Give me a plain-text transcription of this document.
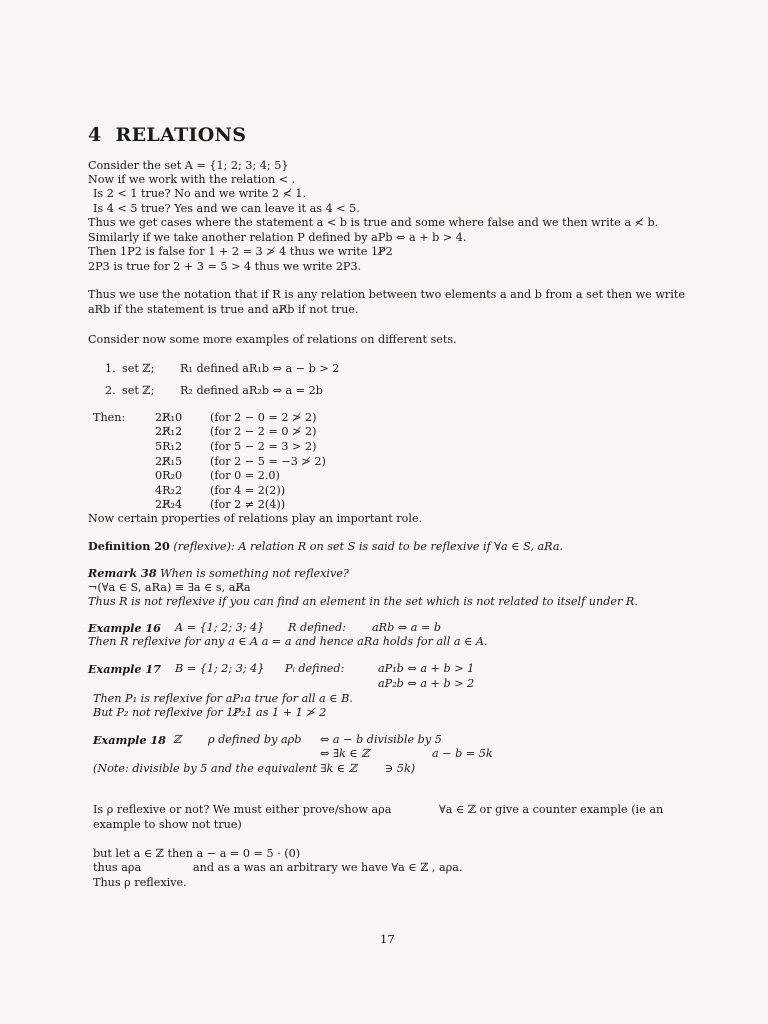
4 RELATIONS
Consider the set A = {1; 2; 3; 4; 5}
Now if we work with the relation < .
Is 2 < 1 true? No and we write 2 ≮ 1.
Is 4 < 5 true? Yes and we can leave it as 4 < 5.
Thus we get cases where the statement a < b is true and some where false and we then write a ≮ b.
Similarly if we take another relation P defined by aPb ⇔ a + b > 4.
Then 1P2 is false for 1 + 2 = 3 ≯ 4 thus we write 1P̸2
2P3 is true for 2 + 3 = 5 > 4 thus we write 2P3.
Thus we use the notation that if R is any relation between two elements a and b from a set then we write
aRb if the statement is true and aR̸b if not true.
Consider now some more examples of relations on different sets.
1. set ℤ; R₁ defined aR₁b ⇔ a − b > 2
2. set ℤ; R₂ defined aR₂b ⇔ a = 2b
Then:	2R̸₁0 (for 2 − 0 = 2 ≯ 2)
2R̸₁2 (for 2 − 2 = 0 ≯ 2)
5R₁2 (for 5 − 2 = 3 > 2)
2R̸₁5 (for 2 − 5 = −3 ≯ 2)
0R₂0 (for 0 = 2.0)
4R₂2 (for 4 = 2(2))
2R̸₂4 (for 2 ≠ 2(4))
Now certain properties of relations play an important role.
Definition 20 (reflexive): A relation R on set S is said to be reflexive if ∀a ∈ S, aRa.
Remark 38 When is something not reflexive?
¬(∀a ∈ S, aRa) ≡ ∃a ∈ s, aR̸a
Thus R is not reflexive if you can find an element in the set which is not related to itself under R.
Example 16 A = {1; 2; 3; 4} R defined: aRb ⇔ a = b
Then R reflexive for any a ∈ A a = a and hence aRa holds for all a ∈ A.
Example 17 B = {1; 2; 3; 4} Pᵢ defined:	aP₁b ⇔ a + b > 1
aP₂b ⇔ a + b > 2
Then P₁ is reflexive for aP₁a true for all a ∈ B.
But P₂ not reflexive for 1P̸₂1 as 1 + 1 ≯ 2
Example 18 ℤ ρ defined by aρb ⇔ a − b divisible by 5
⇔ ∃k ∈ ℤ	a − b = 5k
(Note: divisible by 5 and the equivalent ∃k ∈ ℤ	∋ 5k)
Is ρ reflexive or not? We must either prove/show aρa	∀a ∈ ℤ or give a counter example (ie an
example to show not true)
but let a ∈ ℤ then a − a = 0 = 5 · (0)
thus aρa	and as a was an arbitrary we have ∀a ∈ ℤ , aρa.
Thus ρ reflexive.
17
